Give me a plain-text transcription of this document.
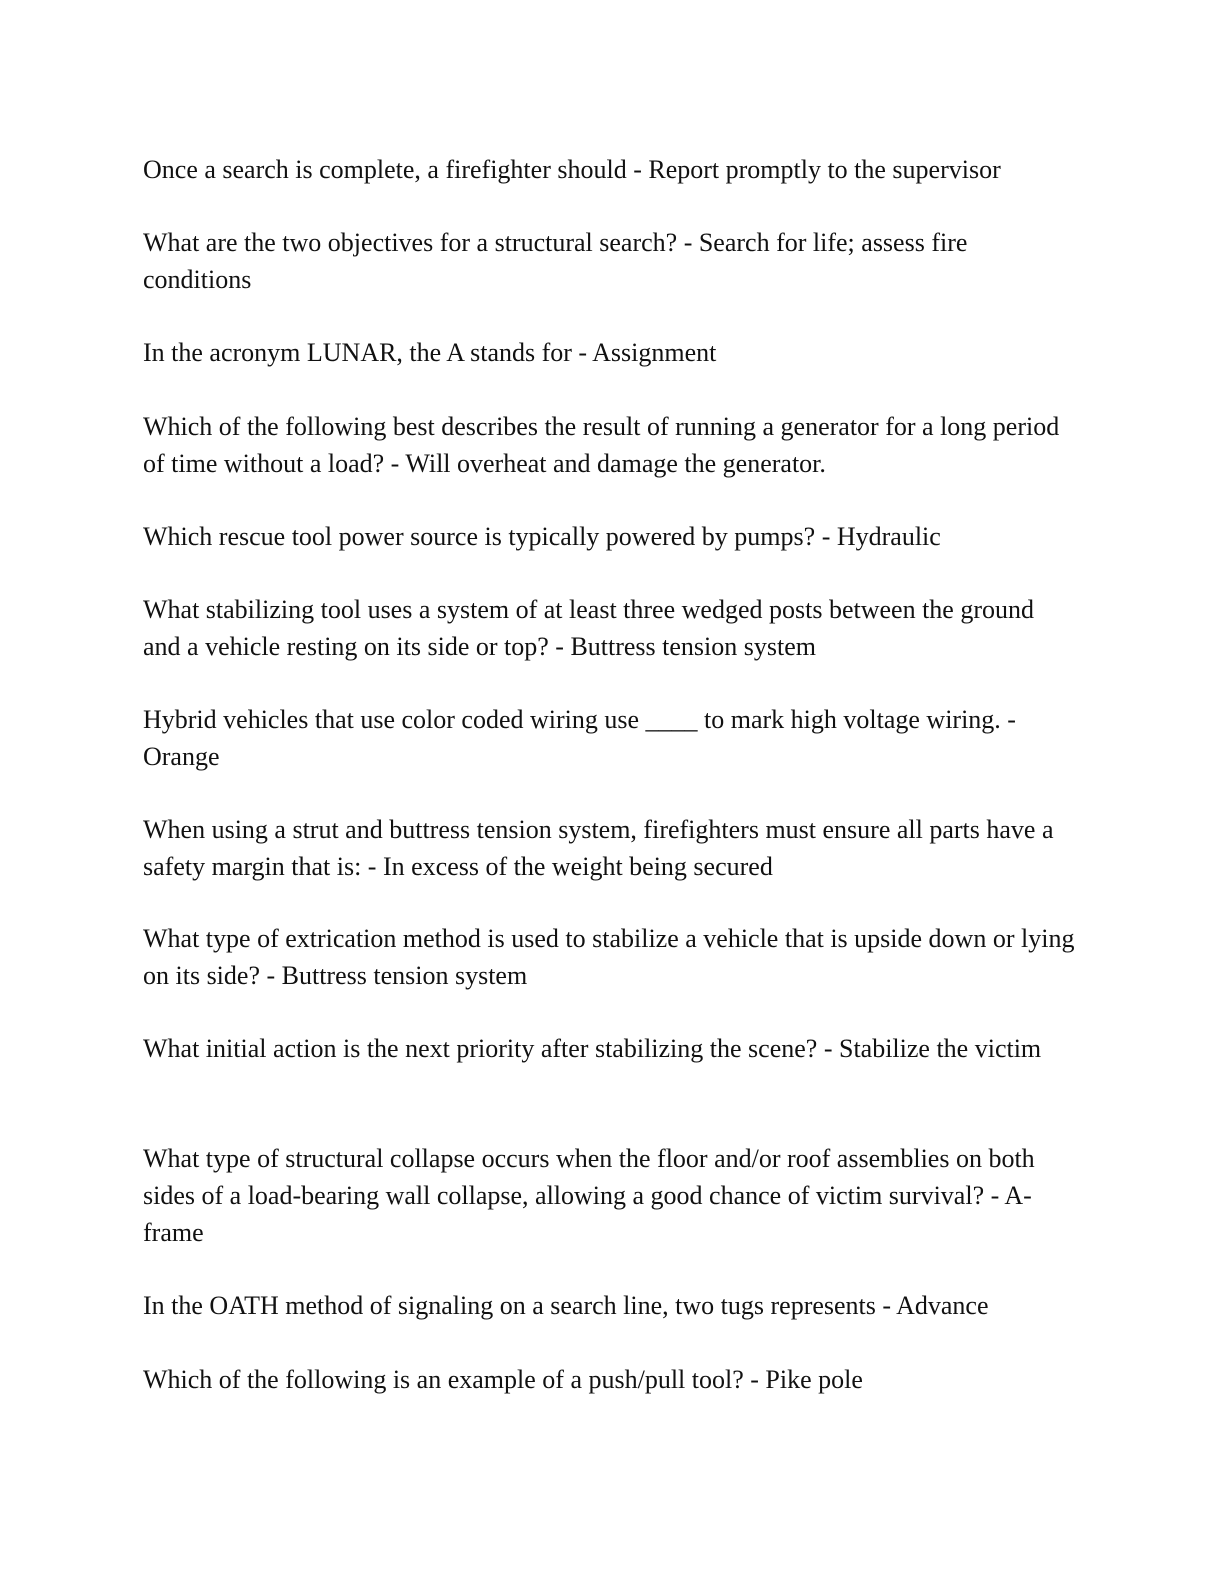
Once a search is complete, a firefighter should - Report promptly to the supervisor

What are the two objectives for a structural search? - Search for life; assess fire conditions

In the acronym LUNAR, the A stands for - Assignment

Which of the following best describes the result of running a generator for a long period of time without a load? - Will overheat and damage the generator.

Which rescue tool power source is typically powered by pumps? - Hydraulic

What stabilizing tool uses a system of at least three wedged posts between the ground and a vehicle resting on its side or top? - Buttress tension system

Hybrid vehicles that use color coded wiring use ____ to mark high voltage wiring. - Orange

When using a strut and buttress tension system, firefighters must ensure all parts have a safety margin that is: - In excess of the weight being secured

What type of extrication method is used to stabilize a vehicle that is upside down or lying on its side? - Buttress tension system

What initial action is the next priority after stabilizing the scene? - Stabilize the victim

What type of structural collapse occurs when the floor and/or roof assemblies on both sides of a load-bearing wall collapse, allowing a good chance of victim survival? - A-frame

In the OATH method of signaling on a search line, two tugs represents - Advance

Which of the following is an example of a push/pull tool? - Pike pole
